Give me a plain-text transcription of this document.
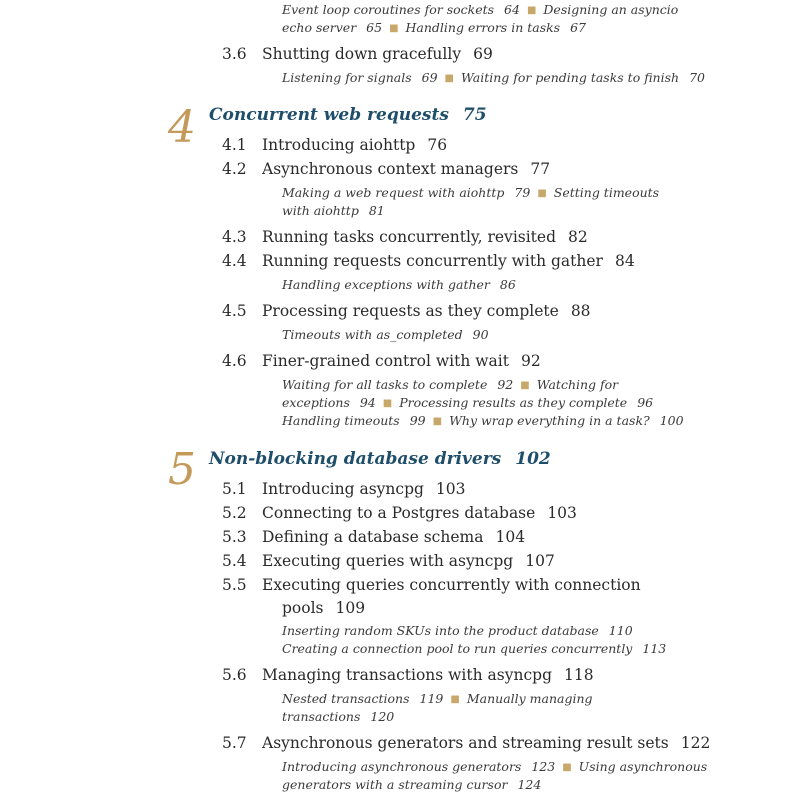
Event loop coroutines for sockets 64 ■ Designing an asyncio
echo server 65 ■ Handling errors in tasks 67
3.6 Shutting down gracefully 69
Listening for signals 69 ■ Waiting for pending tasks to finish 70
4 Concurrent web requests 75
4.1 Introducing aiohttp 76
4.2 Asynchronous context managers 77
Making a web request with aiohttp 79 ■ Setting timeouts
with aiohttp 81
4.3 Running tasks concurrently, revisited 82
4.4 Running requests concurrently with gather 84
Handling exceptions with gather 86
4.5 Processing requests as they complete 88
Timeouts with as_completed 90
4.6 Finer-grained control with wait 92
Waiting for all tasks to complete 92 ■ Watching for
exceptions 94 ■ Processing results as they complete 96
Handling timeouts 99 ■ Why wrap everything in a task? 100
5 Non-blocking database drivers 102
5.1 Introducing asyncpg 103
5.2 Connecting to a Postgres database 103
5.3 Defining a database schema 104
5.4 Executing queries with asyncpg 107
5.5 Executing queries concurrently with connection
pools 109
Inserting random SKUs into the product database 110
Creating a connection pool to run queries concurrently 113
5.6 Managing transactions with asyncpg 118
Nested transactions 119 ■ Manually managing
transactions 120
5.7 Asynchronous generators and streaming result sets 122
Introducing asynchronous generators 123 ■ Using asynchronous
generators with a streaming cursor 124
